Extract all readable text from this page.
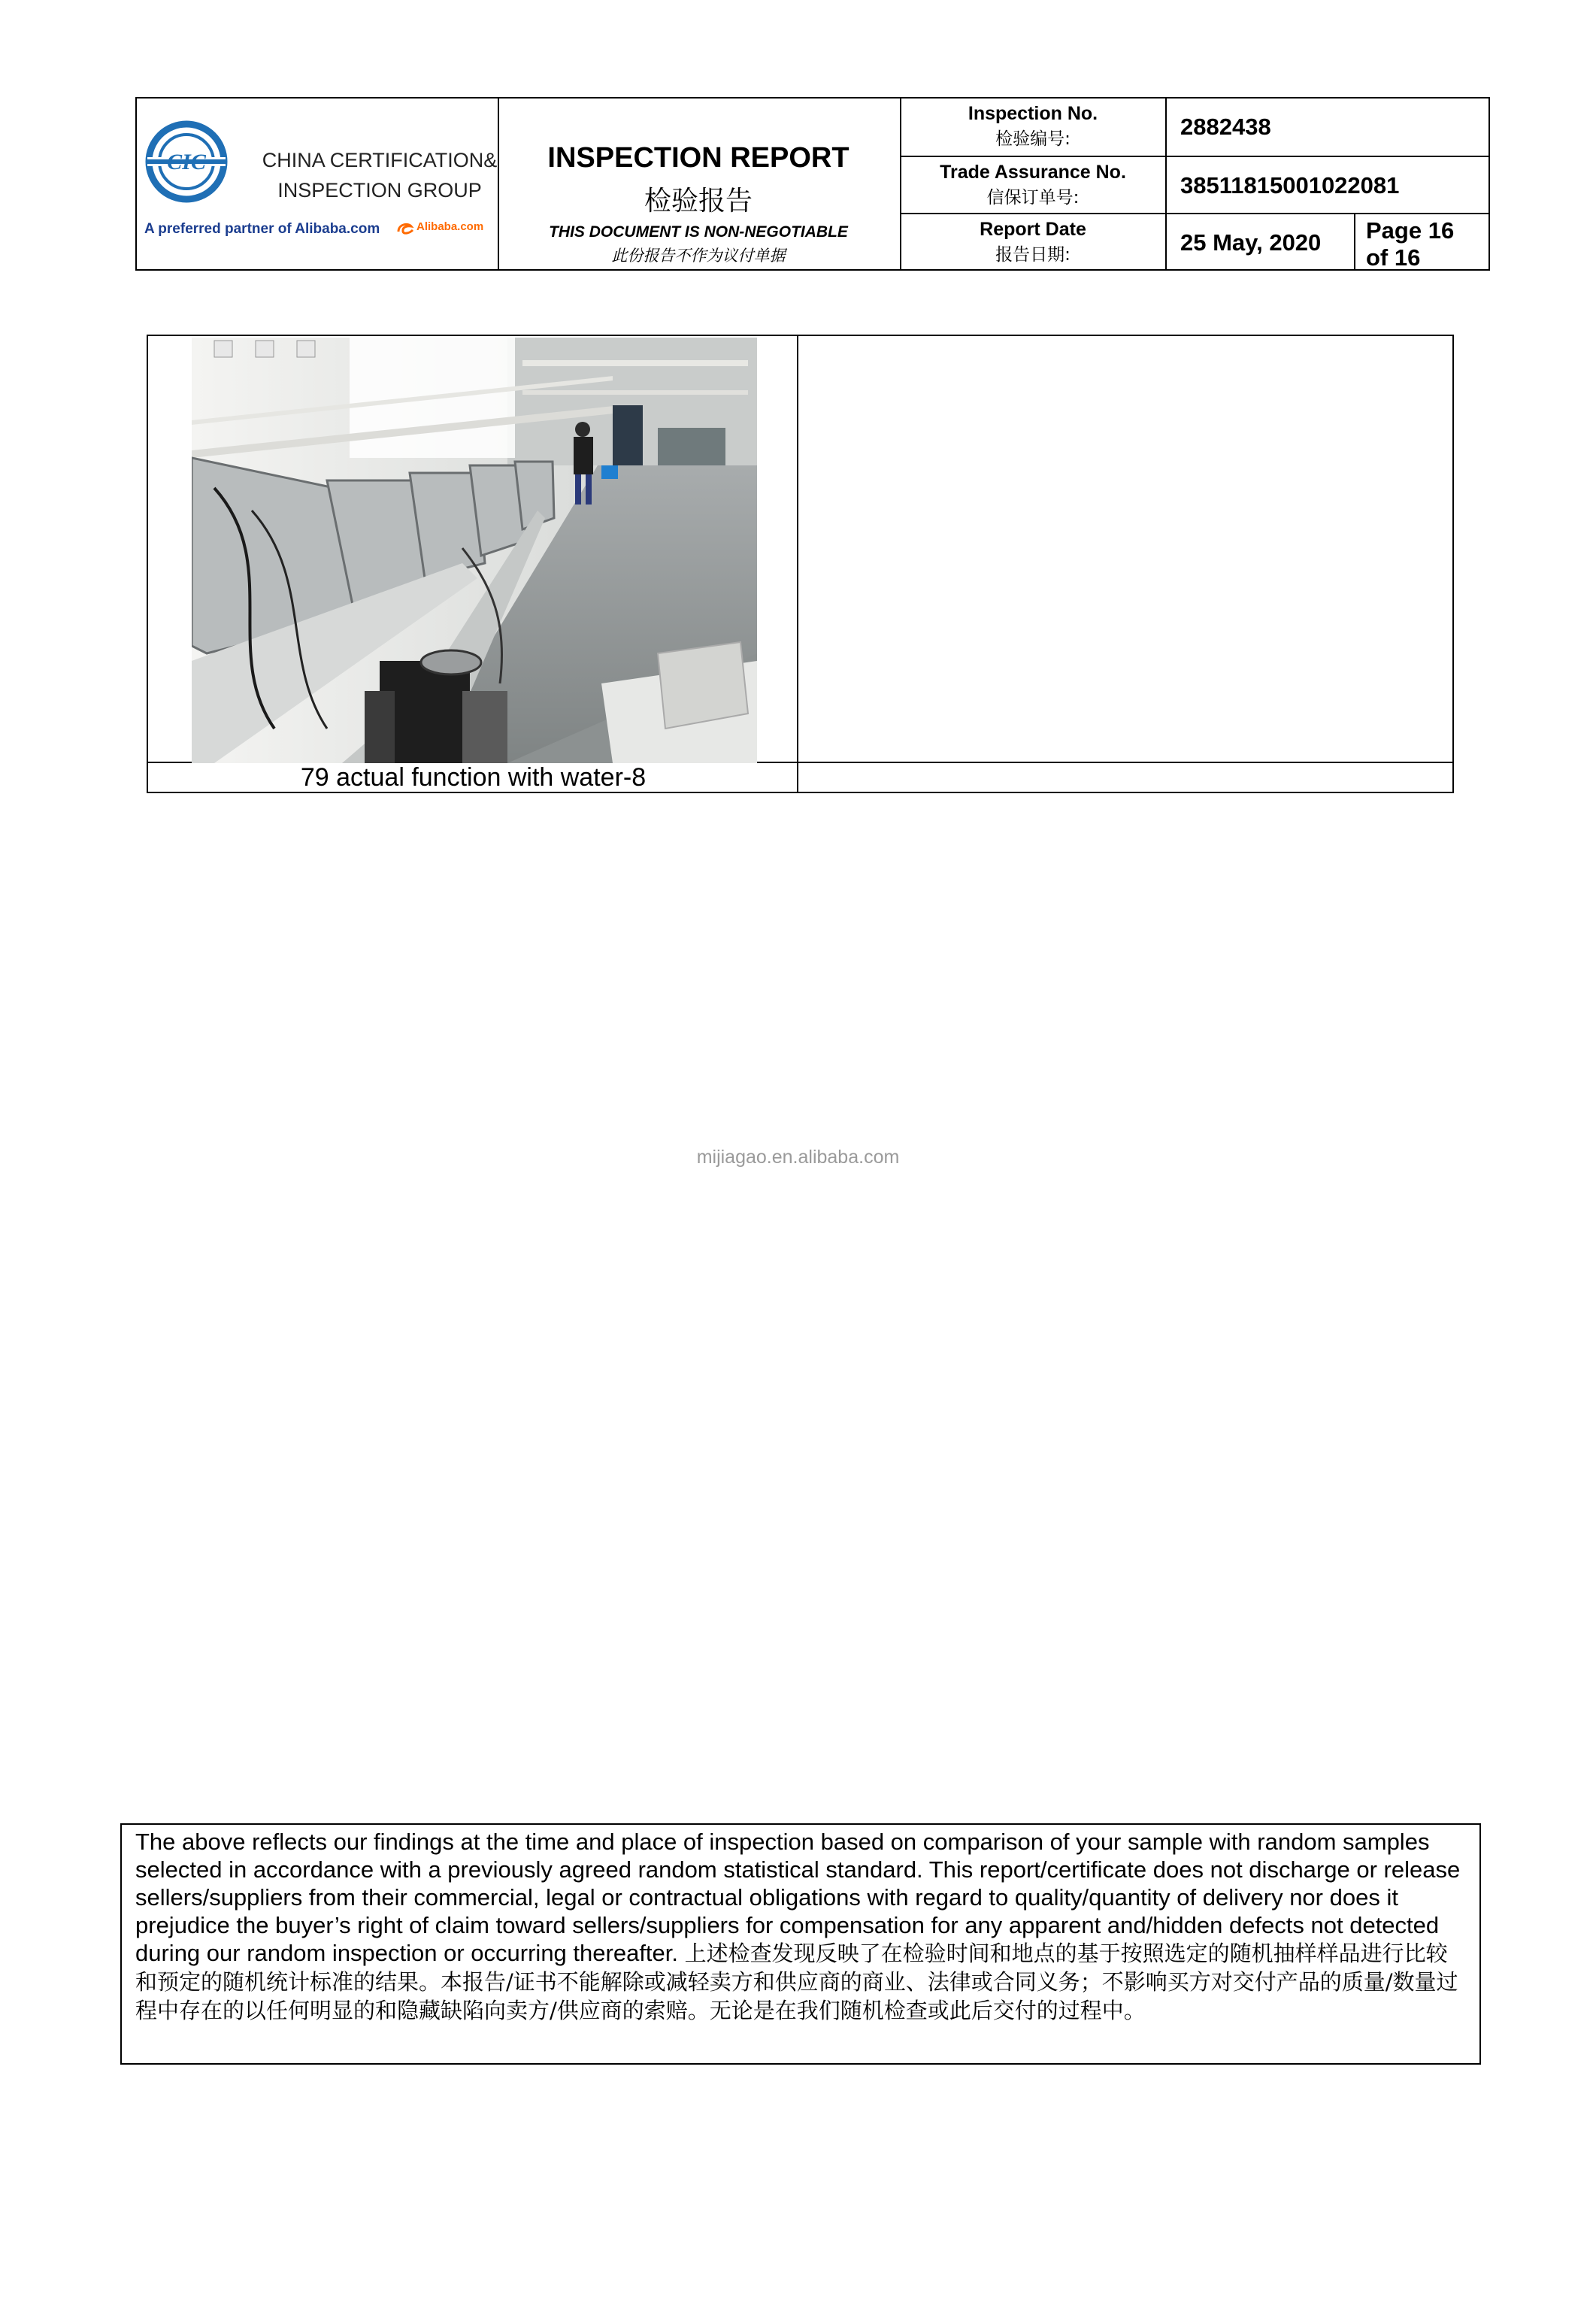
CIC	CHINA CERTIFICATION&
INSPECTION GROUP
A preferred partner of Alibaba.com	Alibaba.com
INSPECTION REPORT
检验报告
THIS DOCUMENT IS NON-NEGOTIABLE
此份报告不作为议付单据
Inspection No.
检验编号:	2882438
Trade Assurance No.
信保订单号:	38511815001022081
Report Date
报告日期:	25 May, 2020 Page 16
of 16
79 actual function with water-8
mijiagao.en.alibaba.com
The above reflects our findings at the time and place of inspection based on comparison of your sample with random samples selected in accordance with a previously agreed random statistical standard. This report/certificate does not discharge or release sellers/suppliers from their commercial, legal or contractual obligations with regard to quality/quantity of delivery nor does it prejudice the buyer’s right of claim toward sellers/suppliers for compensation for any apparent and/hidden defects not detected during our random inspection or occurring thereafter. 上述检查发现反映了在检验时间和地点的基于按照选定的随机抽样样品进行比较和预定的随机统计标准的结果。本报告/证书不能解除或减轻卖方和供应商的商业、法律或合同义务；不影响买方对交付产品的质量/数量过程中存在的以任何明显的和隐藏缺陷向卖方/供应商的索赔。无论是在我们随机检查或此后交付的过程中。
